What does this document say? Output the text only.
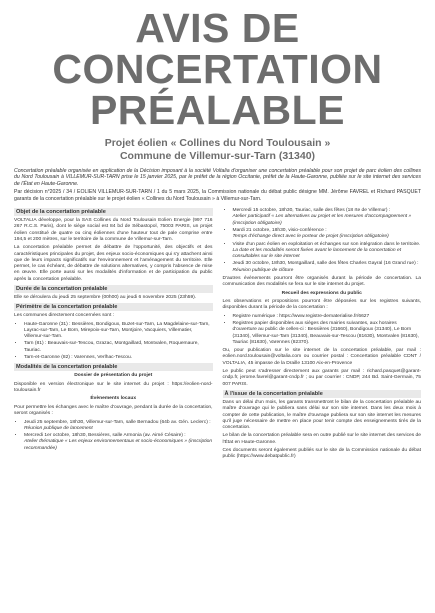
AVIS DE
CONCERTATION
PRÉALABLE
Projet éolien « Collines du Nord Toulousain »
Commune de Villemur-sur-Tarn (31340)
Concertation préalable organisée en application de la Décision imposant à la société Voltalia d'organiser une concertation préalable pour son projet de parc éolien des collines du Nord Toulousain à VILLEMUR-SUR-TARN prise le 15 janvier 2025, par le préfet de la région Occitanie, préfet de la Haute-Garonne, publiée sur le site internet des services de l'État en Haute-Garonne.
Par décision n°2025 / 34 / EOLIEN VILLEMUR-SUR-TARN / 1 du 5 mars 2025, la Commission nationale du débat public désigne MM. Jérôme FAVREL et Richard PASQUET garants de la concertation préalable sur le projet éolien « Collines du Nord Toulousain » à Villemur-sur-Tarn.
Objet de la concertation préalable
VOLTALIA développe, pour la SAS Collines du Nord Toulousain Eolien Energie (997 716 267 R.C.S. Paris), dont le siège social est 84 bd de Sébastopol, 75003 PARIS, un projet éolien constitué de quatre ou cinq éoliennes d'une hauteur tout de pale comprise entre 194,5 et 200 mètres, sur le territoire de la commune de Villemur-sur-Tarn.
La concertation préalable permet de débattre de l'opportunité, des objectifs et des caractéristiques principales du projet, des enjeux socio-économiques qui s'y attachent ainsi que de leurs impacts significatifs sur l'environnement et l'aménagement du territoire. Elle permet, le cas échéant, de débattre de solutions alternatives, y compris l'absence de mise en œuvre. Elle porte aussi sur les modalités d'information et de participation du public après la concertation préalable.
Durée de la concertation préalable
Elle se déroulera du jeudi 25 septembre (00h00) au jeudi 6 novembre 2025 (23h59).
Périmètre de la concertation préalable
Les communes directement concernées sont :
• Haute-Garonne (31) : Bessières, Bondigoux, Buzet-sur-Tarn, La Magdelaine-sur-Tarn, Layrac-sur-Tarn, Le Born, Mirepoix-sur-Tarn, Montjoire, Vacquiers, Villematier, Villemur-sur-Tarn.
• Tarn (81) : Beauvais-sur-Tescou, Grazac, Montgaillard, Montvalen, Roquemaure, Tauriac.
• Tarn-et-Garonne (82) : Varennes, Verlhac-Tescou.
Modalités de la concertation préalable
Dossier de présentation du projet
Disponible en version électronique sur le site internet du projet : https://eolien-nord-toulousain.fr
Évènements locaux
Pour permettre les échanges avec le maître d'ouvrage, pendant la durée de la concertation, seront organisés :
• Jeudi 25 septembre, 18h30, Villemur-sur-Tarn, salle Bernadou (64b av. Gén. Leclerc) :
Réunion publique de lancement
• Mercredi 1er octobre, 18h30, Bessières, salle Armonia (av. Aimé Césaire) :
Atelier thématique « Les enjeux environnementaux et socio-économiques » (inscription recommandée)
• Mercredi 15 octobre, 18h30, Tauriac, salle des fêtes (18 rte de Villemur) :
Atelier participatif « Les alternatives au projet et les mesures d'accompagnement » (inscription obligatoire)
• Mardi 21 octobre, 18h30, visio-conférence :
Temps d'échange direct avec le porteur de projet (inscription obligatoire)
• Visite d'un parc éolien en exploitation et échanges sur son intégration dans le territoire. La date et les modalités seront fixées avant le lancement de la concertation et consultables sur le site internet
• Jeudi 30 octobre, 18h30, Montgaillard, salle des fêtes Charles Gayral (16 Grand rue) :
Réunion publique de clôture
D'autres évènements pourront être organisés durant la période de concertation. La communication des modalités se fera sur le site internet du projet.
Recueil des expressions du public
Les observations et propositions pourront être déposées sur les registres suivants, disponibles durant la période de la concertation :
• Registre numérique : https://www.registre-dematerialise.fr/6627
• Registres papier disponibles aux sièges des mairies suivantes, aux horaires d'ouverture au public de celles-ci : Bessières (31660), Bondigoux (31340), Le Born (31340), Villemur-sur-Tarn (31340), Beauvais-sur-Tescou (81630), Montvalen (81630), Tauriac (81630), Varennes (82370).
Ou, pour publication sur le site internet de la concertation préalable, par mail : eolien.nord.toulousain@voltalia.com ou courrier postal : Concertation préalable CDNT / VOLTALIA, 45 impasse de la Draille 13100 Aix-en-Provence
Le public peut s'adresser directement aux garants par mail : richard.pasquet@garant-cndp.fr, jerome.favrel@garant-cndp.fr ; ou par courrier : CNDP, 244 Bd. Saint-Germain, 75 007 PARIS.
À l'issue de la concertation préalable
Dans un délai d'un mois, les garants transmettront le bilan de la concertation préalable au maître d'ouvrage qui le publiera sans délai sur son site internet. Dans les deux mois à compter de cette publication, le maître d'ouvrage publiera sur son site internet les mesures qu'il juge nécessaire de mettre en place pour tenir compte des enseignements tirés de la concertation.
Le bilan de la concertation préalable sera en outre publié sur le site internet des services de l'État en Haute-Garonne.
Ces documents seront également publiés sur le site de la Commission nationale du débat public (https://www.debatpublic.fr)
